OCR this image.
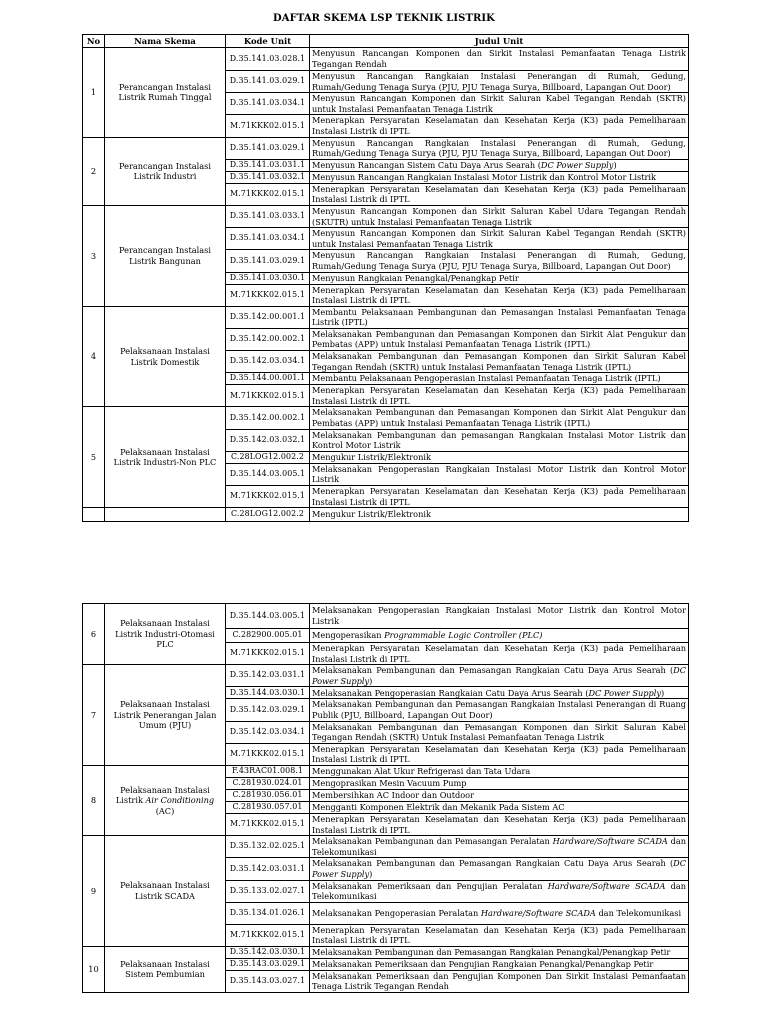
DAFTAR SKEMA LSP TEKNIK LISTRIK
No	Nama Skema	Kode Unit	Judul Unit
1	Perancangan Instalasi Listrik Rumah Tinggal	D.35.141.03.028.1	Menyusun Rancangan Komponen dan Sirkit Instalasi Pemanfaatan Tenaga Listrik Tegangan Rendah
		D.35.141.03.029.1	Menyusun Rancangan Rangkaian Instalasi Penerangan di Rumah, Gedung, Rumah/Gedung Tenaga Surya (PJU, PJU Tenaga Surya, Billboard, Lapangan Out Door)
		D.35.141.03.034.1	Menyusun Rancangan Komponen dan Sirkit Saluran Kabel Tegangan Rendah (SKTR) untuk Instalasi Pemanfaatan Tenaga Listrik
		M.71KKK02.015.1	Menerapkan Persyaratan Keselamatan dan Kesehatan Kerja (K3) pada Pemeliharaan Instalasi Listrik di IPTL
2	Perancangan Instalasi Listrik Industri	D.35.141.03.029.1	Menyusun Rancangan Rangkaian Instalasi Penerangan di Rumah, Gedung, Rumah/Gedung Tenaga Surya (PJU, PJU Tenaga Surya, Billboard, Lapangan Out Door)
		D.35.141.03.031.1	Menyusun Rancangan Sistem Catu Daya Arus Searah (DC Power Supply)
		D.35.141.03.032.1	Menyusun Rancangan Rangkaian Instalasi Motor Listrik dan Kontrol Motor Listrik
		M.71KKK02.015.1	Menerapkan Persyaratan Keselamatan dan Kesehatan Kerja (K3) pada Pemeliharaan Instalasi Listrik di IPTL
3	Perancangan Instalasi Listrik Bangunan	D.35.141.03.033.1	Menyusun Rancangan Komponen dan Sirkit Saluran Kabel Udara Tegangan Rendah (SKUTR) untuk Instalasi Pemanfaatan Tenaga Listrik
		D.35.141.03.034.1	Menyusun Rancangan Komponen dan Sirkit Saluran Kabel Tegangan Rendah (SKTR) untuk Instalasi Pemanfaatan Tenaga Listrik
		D.35.141.03.029.1	Menyusun Rancangan Rangkaian Instalasi Penerangan di Rumah, Gedung, Rumah/Gedung Tenaga Surya (PJU, PJU Tenaga Surya, Billboard, Lapangan Out Door)
		D.35.141.03.030.1	Menyusun Rangkaian Penangkal/Penangkap Petir
		M.71KKK02.015.1	Menerapkan Persyaratan Keselamatan dan Kesehatan Kerja (K3) pada Pemeliharaan Instalasi Listrik di IPTL
4	Pelaksanaan Instalasi Listrik Domestik	D.35.142.00.001.1	Membantu Pelaksanaan Pembangunan dan Pemasangan Instalasi Pemanfaatan Tenaga Listrik (IPTL)
		D.35.142.00.002.1	Melaksanakan Pembangunan dan Pemasangan Komponen dan Sirkit Alat Pengukur dan Pembatas (APP) untuk Instalasi Pemanfaatan Tenaga Listrik (IPTL)
		D.35.142.03.034.1	Melaksanakan Pembangunan dan Pemasangan Komponen dan Sirkit Saluran Kabel Tegangan Rendah (SKTR) untuk Instalasi Pemanfaatan Tenaga Listrik (IPTL)
		D.35.144.00.001.1	Membantu Pelaksanaan Pengoperasian Instalasi Pemanfaatan Tenaga Listrik (IPTL)
		M.71KKK02.015.1	Menerapkan Persyaratan Keselamatan dan Kesehatan Kerja (K3) pada Pemeliharaan Instalasi Listrik di IPTL
5	Pelaksanaan Instalasi Listrik Industri-Non PLC	D.35.142.00.002.1	Melaksanakan Pembangunan dan Pemasangan Komponen dan Sirkit Alat Pengukur dan Pembatas (APP) untuk Instalasi Pemanfaatan Tenaga Listrik (IPTL)
		D.35.142.03.032.1	Melaksanakan Pembangunan dan pemasangan Rangkaian Instalasi Motor Listrik dan Kontrol Motor Listrik
		C.28LOG12.002.2	Mengukur Listrik/Elektronik
		D.35.144.03.005.1	Melaksanakan Pengoperasian Rangkaian Instalasi Motor Listrik dan Kontrol Motor Listrik
		M.71KKK02.015.1	Menerapkan Persyaratan Keselamatan dan Kesehatan Kerja (K3) pada Pemeliharaan Instalasi Listrik di IPTL
		C.28LOG12.002.2	Mengukur Listrik/Elektronik
6	Pelaksanaan Instalasi Listrik Industri-Otomasi PLC	D.35.144.03.005.1	Melaksanakan Pengoperasian Rangkaian Instalasi Motor Listrik dan Kontrol Motor Listrik
		C.282900.005.01	Mengoperasikan Programmable Logic Controller (PLC)
		M.71KKK02.015.1	Menerapkan Persyaratan Keselamatan dan Kesehatan Kerja (K3) pada Pemeliharaan Instalasi Listrik di IPTL
7	Pelaksanaan Instalasi Listrik Penerangan Jalan Umum (PJU)	D.35.142.03.031.1	Melaksanakan Pembangunan dan Pemasangan Rangkaian Catu Daya Arus Searah (DC Power Supply)
		D.35.144.03.030.1	Melaksanakan Pengoperasian Rangkaian Catu Daya Arus Searah (DC Power Supply)
		D.35.142.03.029.1	Melaksanakan Pembangunan dan Pemasangan Rangkaian Instalasi Penerangan di Ruang Publik (PJU, Billboard, Lapangan Out Door)
		D.35.142.03.034.1	Melaksanakan Pembangunan dan Pemasangan Komponen dan Sirkit Saluran Kabel Tegangan Rendah (SKTR) Untuk Instalasi Pemanfaatan Tenaga Listrik
		M.71KKK02.015.1	Menerapkan Persyaratan Keselamatan dan Kesehatan Kerja (K3) pada Pemeliharaan Instalasi Listrik di IPTL
8	Pelaksanaan Instalasi Listrik Air Conditioning (AC)	F.43RAC01.008.1	Menggunakan Alat Ukur Refrigerasi dan Tata Udara
		C.281930.024.01	Mengoprasikan Mesin Vacuum Pump
		C.281930.056.01	Membersihkan AC Indoor dan Outdoor
		C.281930.057.01	Mengganti Komponen Elektrik dan Mekanik Pada Sistem AC
		M.71KKK02.015.1	Menerapkan Persyaratan Keselamatan dan Kesehatan Kerja (K3) pada Pemeliharaan Instalasi Listrik di IPTL
9	Pelaksanaan Instalasi Listrik SCADA	D.35.132.02.025.1	Melaksanakan Pembangunan dan Pemasangan Peralatan Hardware/Software SCADA dan Telekomunikasi
		D.35.142.03.031.1	Melaksanakan Pembangunan dan Pemasangan Rangkaian Catu Daya Arus Searah (DC Power Supply)
		D.35.133.02.027.1	Melaksanakan Pemeriksaan dan Pengujian Peralatan Hardware/Software SCADA dan Telekomunikasi
		D.35.134.01.026.1	Melaksanakan Pengoperasian Peralatan Hardware/Software SCADA dan Telekomunikasi
		M.71KKK02.015.1	Menerapkan Persyaratan Keselamatan dan Kesehatan Kerja (K3) pada Pemeliharaan Instalasi Listrik di IPTL
10	Pelaksanaan Instalasi Sistem Pembumian	D.35.142.03.030.1	Melaksanakan Pembangunan dan Pemasangan Rangkaian Penangkal/Penangkap Petir
		D.35.143.03.029.1	Melaksanakan Pemeriksaan dan Pengujian Rangkaian Penangkal/Penangkap Petir
		D.35.143.03.027.1	Melaksanakan Pemeriksaan dan Pengujian Komponen Dan Sirkit Instalasi Pemanfaatan Tenaga Listrik Tegangan Rendah
